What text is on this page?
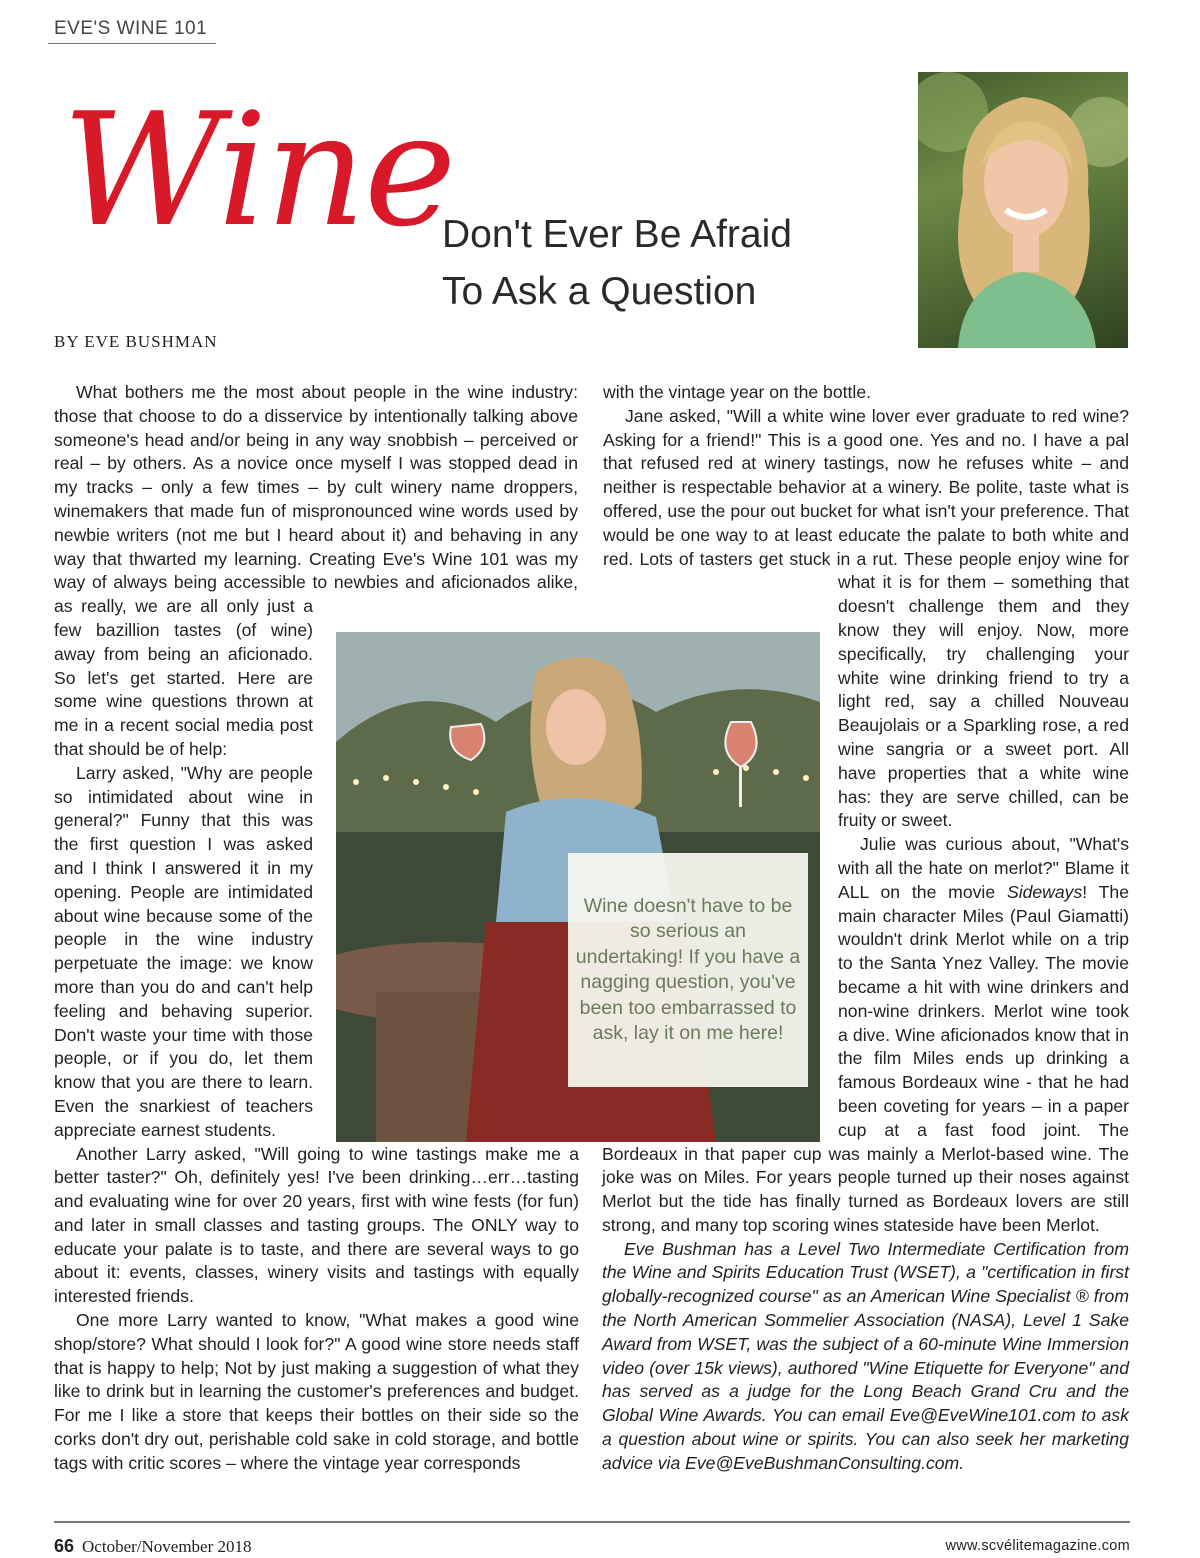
EVE'S WINE 101
Wine
Don't Ever Be Afraid
To Ask a Question
BY EVE BUSHMAN

What bothers me the most about people in the wine industry: those that choose to do a disservice by intentionally talking above someone's head and/or being in any way snobbish – perceived or real – by others. As a novice once myself I was stopped dead in my tracks – only a few times – by cult winery name droppers, winemakers that made fun of mispronounced wine words used by newbie writers (not me but I heard about it) and behaving in any way that thwarted my learning. Creating Eve's Wine 101 was my way of always being accessible to newbies and aficionados alike, as really, we are all only just a few bazillion tastes (of wine) away from being an aficionado. So let's get started. Here are some wine questions thrown at me in a recent social media post that should be of help:

Larry asked, "Why are people so intimidated about wine in general?" Funny that this was the first question I was asked and I think I answered it in my opening. People are intimidated about wine because some of the people in the wine industry perpetuate the image: we know more than you do and can't help feeling and behaving superior. Don't waste your time with those people, or if you do, let them know that you are there to learn. Even the snarkiest of teachers appreciate earnest students.

Another Larry asked, "Will going to wine tastings make me a better taster?" Oh, definitely yes! I've been drinking…err…tasting and evaluating wine for over 20 years, first with wine fests (for fun) and later in small classes and tasting groups. The ONLY way to educate your palate is to taste, and there are several ways to go about it: events, classes, winery visits and tastings with equally interested friends.

One more Larry wanted to know, "What makes a good wine shop/store? What should I look for?" A good wine store needs staff that is happy to help; Not by just making a suggestion of what they like to drink but in learning the customer's preferences and budget. For me I like a store that keeps their bottles on their side so the corks don't dry out, perishable cold sake in cold storage, and bottle tags with critic scores – where the vintage year corresponds

with the vintage year on the bottle.

Jane asked, "Will a white wine lover ever graduate to red wine? Asking for a friend!" This is a good one. Yes and no. I have a pal that refused red at winery tastings, now he refuses white – and neither is respectable behavior at a winery. Be polite, taste what is offered, use the pour out bucket for what isn't your preference. That would be one way to at least educate the palate to both white and red. Lots of tasters get stuck in a rut. These people enjoy wine for what it is for them – something that doesn't challenge them and they know they will enjoy. Now, more specifically, try challenging your white wine drinking friend to try a light red, say a chilled Nouveau Beaujolais or a Sparkling rose, a red wine sangria or a sweet port. All have properties that a white wine has: they are serve chilled, can be fruity or sweet.

Julie was curious about, "What's with all the hate on merlot?" Blame it ALL on the movie Sideways! The main character Miles (Paul Giamatti) wouldn't drink Merlot while on a trip to the Santa Ynez Valley. The movie became a hit with wine drinkers and non-wine drinkers. Merlot wine took a dive. Wine aficionados know that in the film Miles ends up drinking a famous Bordeaux wine - that he had been coveting for years – in a paper cup at a fast food joint. The Bordeaux in that paper cup was mainly a Merlot-based wine. The joke was on Miles. For years people turned up their noses against Merlot but the tide has finally turned as Bordeaux lovers are still strong, and many top scoring wines stateside have been Merlot.

Eve Bushman has a Level Two Intermediate Certification from the Wine and Spirits Education Trust (WSET), a "certification in first globally-recognized course" as an American Wine Specialist ® from the North American Sommelier Association (NASA), Level 1 Sake Award from WSET, was the subject of a 60-minute Wine Immersion video (over 15k views), authored "Wine Etiquette for Everyone" and has served as a judge for the Long Beach Grand Cru and the Global Wine Awards. You can email Eve@EveWine101.com to ask a question about wine or spirits. You can also seek her marketing advice via Eve@EveBushmanConsulting.com.

Wine doesn't have to be so serious an undertaking! If you have a nagging question, you've been too embarrassed to ask, lay it on me here!
66 October/November 2018	www.scvélitemagazine.com
